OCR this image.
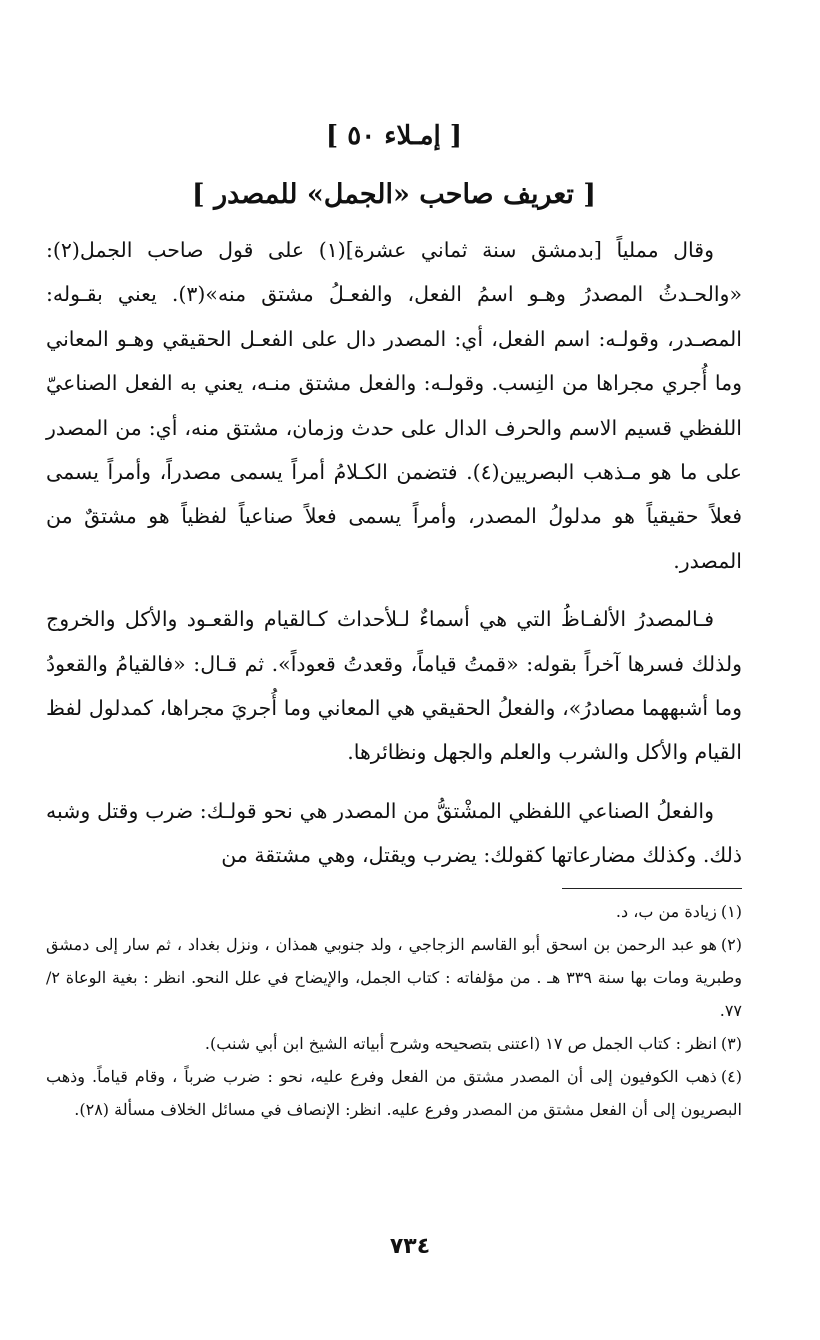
[ إمـلاء ٥٠ ]
[ تعريف صاحب «الجمل» للمصدر ]

وقال مملياً [بدمشق سنة ثماني عشرة](١) على قول صاحب الجمل(٢): «والحـدثُ المصدرُ وهـو اسمُ الفعل، والفعـلُ مشتق منه»(٣). يعني بقـوله: المصـدر، وقولـه: اسم الفعل، أي: المصدر دال على الفعـل الحقيقي وهـو المعاني وما أُجري مجراها من النِسب. وقولـه: والفعل مشتق منـه، يعني به الفعل الصناعيّ اللفظي قسيم الاسم والحرف الدال على حدث وزمان، مشتق منه، أي: من المصدر على ما هو مـذهب البصريين(٤). فتضمن الكـلامُ أمراً يسمى مصدراً، وأمراً يسمى فعلاً حقيقياً هو مدلولُ المصدر، وأمراً يسمى فعلاً صناعياً لفظياً هو مشتقٌ من المصدر.

فـالمصدرُ الألفـاظُ التي هي أسماءٌ لـلأحداث كـالقيام والقعـود والأكل والخروج ولذلك فسرها آخراً بقوله: «قمتُ قياماً، وقعدتُ قعوداً». ثم قـال: «فالقيامُ والقعودُ وما أشبههما مصادرُ»، والفعلُ الحقيقي هي المعاني وما أُجريَ مجراها، كمدلول لفظ القيام والأكل والشرب والعلم والجهل ونظائرها.

والفعلُ الصناعي اللفظي المشْتقُّ من المصدر هي نحو قولـك: ضرب وقتل وشبه ذلك. وكذلك مضارعاتها كقولك: يضرب ويقتل، وهي مشتقة من

(١)زيادة من ب، د.

(٢)هو عبد الرحمن بن اسحق أبو القاسم الزجاجي ، ولد جنوبي همذان ، ونزل بغداد ، ثم سار إلى دمشق وطبرية ومات بها سنة ٣٣٩ هـ . من مؤلفاته : كتاب الجمل، والإيضاح في علل النحو. انظر : بغية الوعاة ٢/ ٧٧.

(٣)انظر : كتاب الجمل ص ١٧ (اعتنى بتصحيحه وشرح أبياته الشيخ ابن أبي شنب).

(٤)ذهب الكوفيون إلى أن المصدر مشتق من الفعل وفرع عليه، نحو : ضرب ضرباً ، وقام قياماً. وذهب البصريون إلى أن الفعل مشتق من المصدر وفرع عليه. انظر: الإنصاف في مسائل الخلاف مسألة (٢٨).

٧٣٤
